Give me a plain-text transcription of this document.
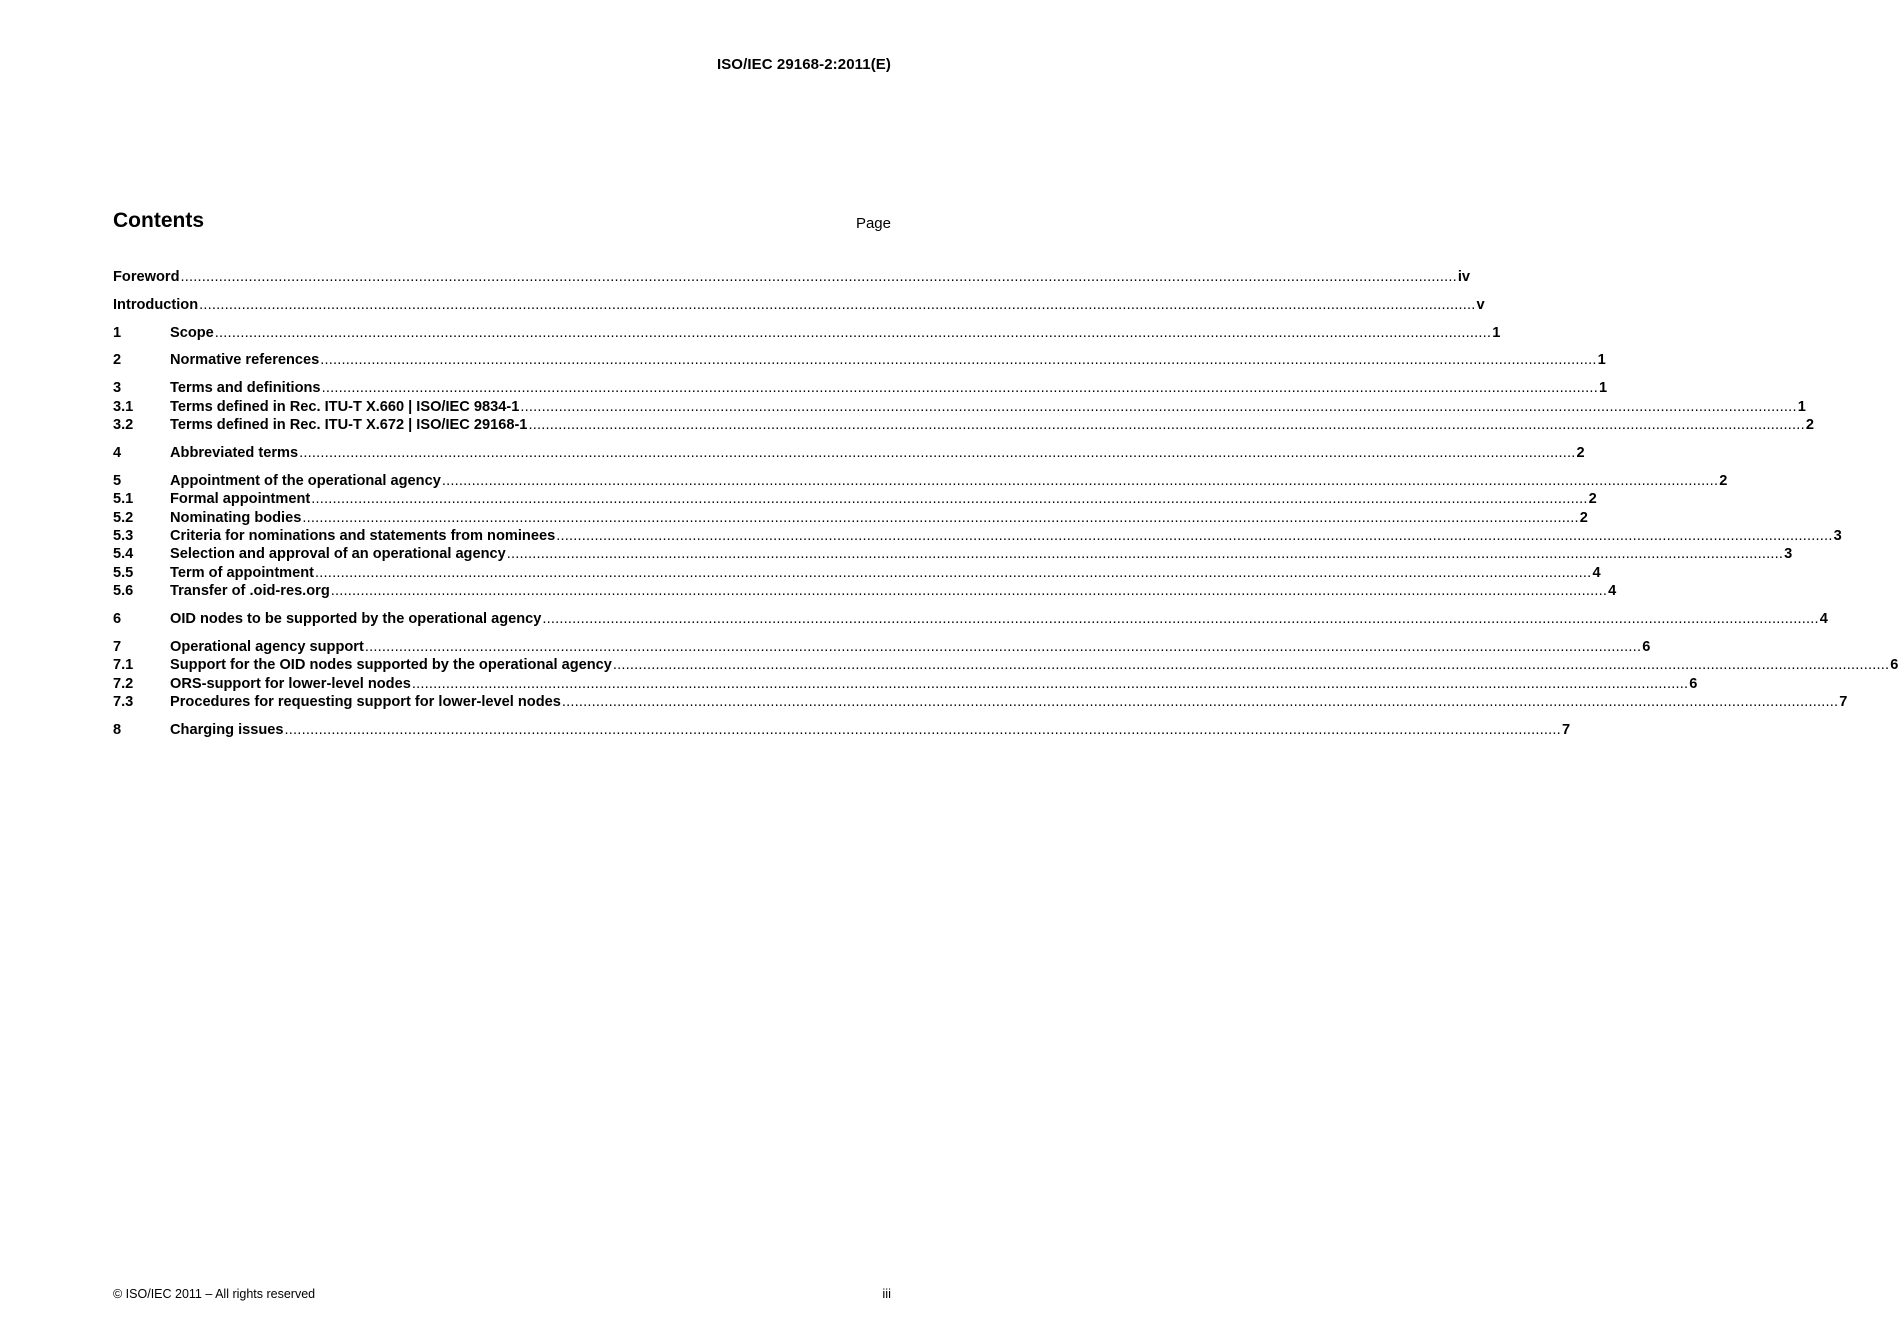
ISO/IEC 29168-2:2011(E)
Contents	Page
Foreword ............................................................................................................................................................................................................................................................................................................ iv
Introduction ............................................................................................................................................................................................................................................................................................................ v
1	Scope ............................................................................................................................................................................................................................................................................................................ 1
2	Normative references ............................................................................................................................................................................................................................................................................................................ 1
3	Terms and definitions ............................................................................................................................................................................................................................................................................................................ 1
3.1	Terms defined in Rec. ITU-T X.660 | ISO/IEC 9834-1 ............................................................................................................................................................................................................................................................................................................ 1
3.2	Terms defined in Rec. ITU-T X.672 | ISO/IEC 29168-1 ............................................................................................................................................................................................................................................................................................................ 2
4	Abbreviated terms ............................................................................................................................................................................................................................................................................................................ 2
5	Appointment of the operational agency ............................................................................................................................................................................................................................................................................................................ 2
5.1	Formal appointment ............................................................................................................................................................................................................................................................................................................ 2
5.2	Nominating bodies ............................................................................................................................................................................................................................................................................................................ 2
5.3	Criteria for nominations and statements from nominees ............................................................................................................................................................................................................................................................................................................ 3
5.4	Selection and approval of an operational agency ............................................................................................................................................................................................................................................................................................................ 3
5.5	Term of appointment ............................................................................................................................................................................................................................................................................................................ 4
5.6	Transfer of .oid-res.org ............................................................................................................................................................................................................................................................................................................ 4
6	OID nodes to be supported by the operational agency ............................................................................................................................................................................................................................................................................................................ 4
7	Operational agency support ............................................................................................................................................................................................................................................................................................................ 6
7.1	Support for the OID nodes supported by the operational agency ............................................................................................................................................................................................................................................................................................................ 6
7.2	ORS-support for lower-level nodes ............................................................................................................................................................................................................................................................................................................ 6
7.3	Procedures for requesting support for lower-level nodes ............................................................................................................................................................................................................................................................................................................ 7
8	Charging issues ............................................................................................................................................................................................................................................................................................................ 7
© ISO/IEC 2011 – All rights reserved	iii
